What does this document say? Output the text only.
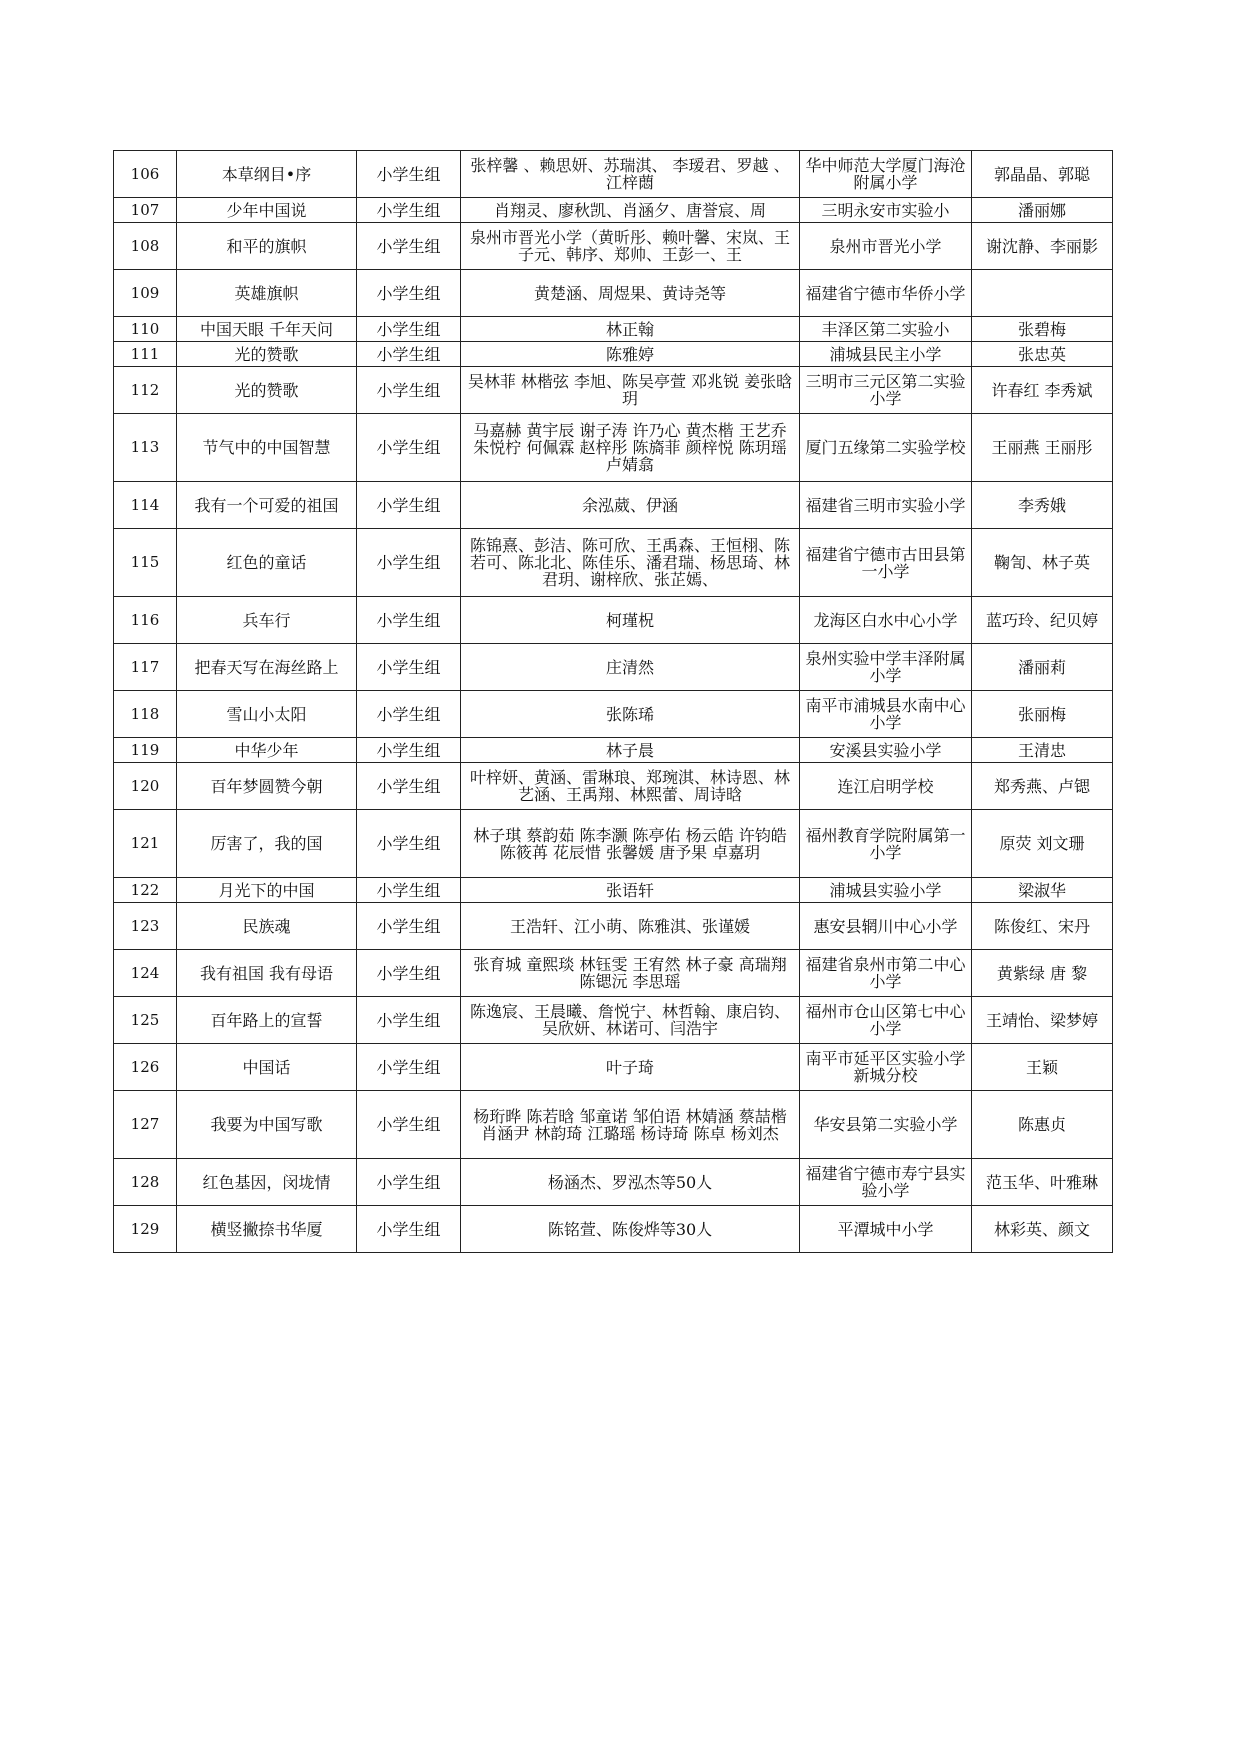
106	本草纲目•序	小学生组	张梓馨 、赖思妍、苏瑞淇、 李瑷君、罗越 、江梓蕄	华中师范大学厦门海沧附属小学	郭晶晶、郭聪
107	少年中国说	小学生组	肖翔灵、廖秋凯、肖涵夕、唐誉宸、周	三明永安市实验小	潘丽娜
108	和平的旗帜	小学生组	泉州市晋光小学（黄昕彤、赖叶馨、宋岚、王子元、韩序、郑帅、王彭一、王	泉州市晋光小学	谢沈静、李丽影
109	英雄旗帜	小学生组	黄楚涵、周煜果、黄诗尧等	福建省宁德市华侨小学	
110	中国天眼 千年天问	小学生组	林正翰	丰泽区第二实验小	张碧梅
111	光的赞歌	小学生组	陈雅婷	浦城县民主小学	张忠英
112	光的赞歌	小学生组	吴林菲 林楷弦 李旭、陈吴亭萱 邓兆锐 姜张晗玥	三明市三元区第二实验小学	许春红 李秀斌
113	节气中的中国智慧	小学生组	马嘉赫 黄宇辰 谢子涛 许乃心 黄杰楷 王艺乔 朱悦柠 何佩霖 赵梓彤 陈旖菲 颜梓悦 陈玥瑶 卢婧翕	厦门五缘第二实验学校	王丽燕 王丽彤
114	我有一个可爱的祖国	小学生组	余泓葳、伊涵	福建省三明市实验小学	李秀娥
115	红色的童话	小学生组	陈锦熹、彭洁、陈可欣、王禹森、王恒栩、陈若可、陈北北、陈佳乐、潘君瑞、杨思琦、林君玥、谢梓欣、张芷嫣、	福建省宁德市古田县第一小学	鞠訇、林子英
116	兵车行	小学生组	柯瑾柷	龙海区白水中心小学	蓝巧玲、纪贝婷
117	把春天写在海丝路上	小学生组	庄清然	泉州实验中学丰泽附属小学	潘丽莉
118	雪山小太阳	小学生组	张陈琋	南平市浦城县水南中心小学	张丽梅
119	中华少年	小学生组	林子晨	安溪县实验小学	王清忠
120	百年梦圆赞今朝	小学生组	叶梓妍、黄涵、雷琳琅、郑琬淇、林诗恩、林艺涵、王禹翔、林熙蕾、周诗晗	连江启明学校	郑秀燕、卢锶
121	厉害了，我的国	小学生组	林子琪 蔡韵茹 陈李灏 陈亭佑 杨云皓 许钧皓 陈筱苒 花辰惜 张馨媛 唐予果 卓嘉玥	福州教育学院附属第一小学	原荧 刘文珊
122	月光下的中国	小学生组	张语轩	浦城县实验小学	梁淑华
123	民族魂	小学生组	王浩轩、江小萌、陈雅淇、张谨媛	惠安县辋川中心小学	陈俊红、宋丹
124	我有祖国 我有母语	小学生组	张育城 童熙琰 林钰雯 王宥然 林子豪 高瑞翔 陈锶沅 李思瑶	福建省泉州市第二中心小学	黄紫绿 唐 黎
125	百年路上的宣誓	小学生组	陈逸宸、王晨曦、詹悦宁、林哲翰、康启钧、吴欣妍、林诺可、闫浩宇	福州市仓山区第七中心小学	王靖怡、梁梦婷
126	中国话	小学生组	叶子琦	南平市延平区实验小学新城分校	王颖
127	我要为中国写歌	小学生组	杨珩晔 陈若晗 邹童诺 邹伯语 林婧涵 蔡喆楷 肖涵尹 林韵琦 江璐瑶 杨诗琦 陈卓 杨刘杰	华安县第二实验小学	陈惠贞
128	红色基因，闵垅情	小学生组	杨涵杰、罗泓杰等50人	福建省宁德市寿宁县实验小学	范玉华、叶雅琳
129	横竖撇捺书华厦	小学生组	陈铭萱、陈俊烨等30人	平潭城中小学	林彩英、颜文
